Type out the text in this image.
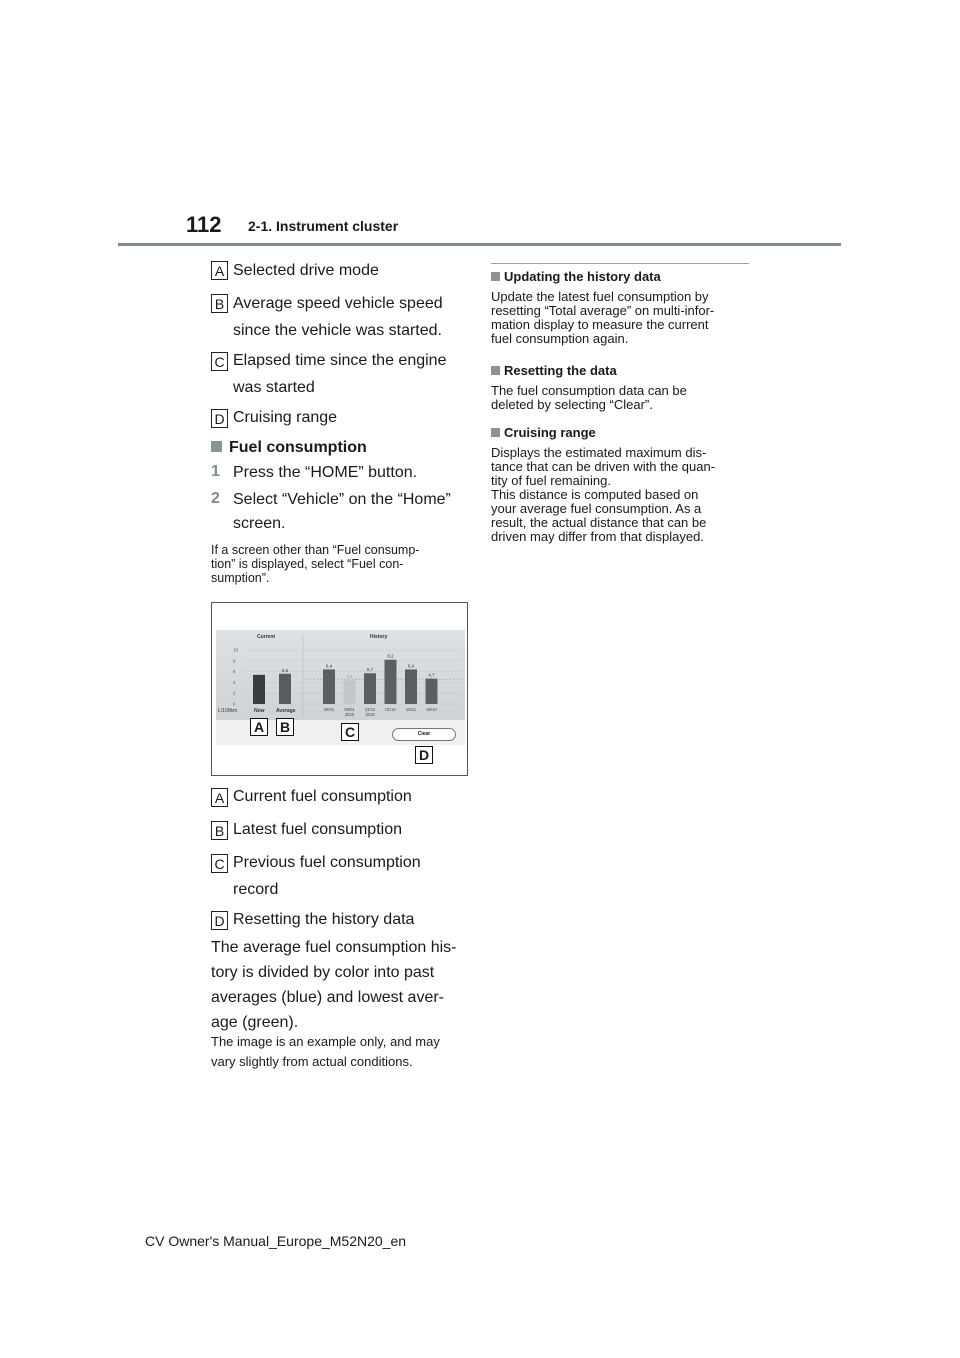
112 2-1. Instrument cluster
A Selected drive mode
B Average speed vehicle speed
since the vehicle was started.
C Elapsed time since the engine
was started
D Cruising range
Fuel consumption
1 Press the “HOME” button.
2 Select “Vehicle” on the “Home”
screen.
If a screen other than “Fuel consump-
tion” is displayed, select “Fuel con-
sumption”.
0
2
4
6
8
10
5,6
6,4
26/01
4,4
09/01
2020
5,7
22/12
2019
8,2
01/12
6,4
16/11
4,7
26/10
Current	History
L/100km	Now Average
Clear
A B	C
D
A Current fuel consumption
B Latest fuel consumption
C Previous fuel consumption
record
D Resetting the history data
The average fuel consumption his-
tory is divided by color into past
averages (blue) and lowest aver-
age (green).
The image is an example only, and may
vary slightly from actual conditions.
Updating the history data
Update the latest fuel consumption by
resetting “Total average” on multi-infor-
mation display to measure the current
fuel consumption again.
Resetting the data
The fuel consumption data can be
deleted by selecting “Clear”.
Cruising range
Displays the estimated maximum dis-
tance that can be driven with the quan-
tity of fuel remaining.
This distance is computed based on
your average fuel consumption. As a
result, the actual distance that can be
driven may differ from that displayed.
CV Owner's Manual_Europe_M52N20_en
